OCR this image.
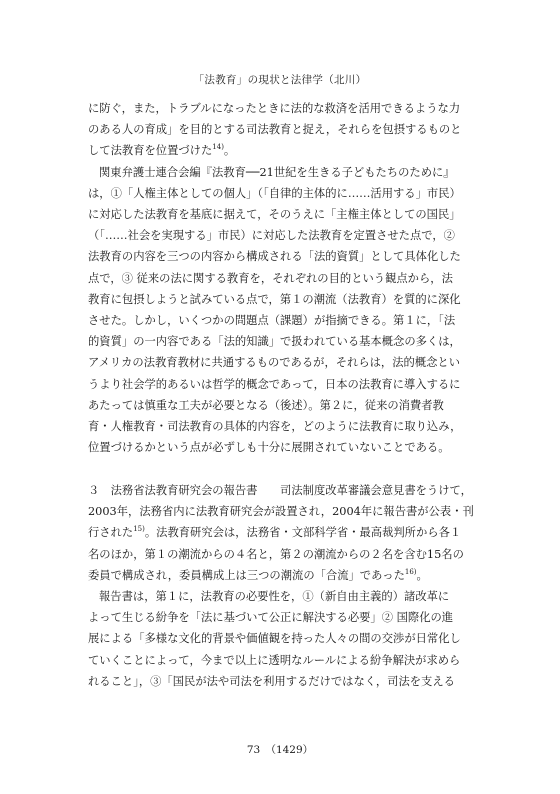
「法教育」の現状と法律学（北川）
に防ぐ，また，トラブルになったときに法的な救済を活用できるような力
のある人の育成」を目的とする司法教育と捉え，それらを包摂するものと
して法教育を位置づけた$^{14)}$。
関東弁護士連合会編『法教育──21世紀を生きる子どもたちのために』
は，①「人権主体としての個人」（「自律的主体的に……活用する」市民）
に対応した法教育を基底に据えて，そのうえに「主権主体としての国民」
（「……社会を実現する」市民）に対応した法教育を定置させた点で，②
法教育の内容を三つの内容から構成される「法的資質」として具体化した
点で，③ 従来の法に関する教育を，それぞれの目的という観点から，法
教育に包摂しようと試みている点で，第１の潮流（法教育）を質的に深化
させた。しかし，いくつかの問題点（課題）が指摘できる。第１に，「法
的資質」の一内容である「法的知識」で扱われている基本概念の多くは，
アメリカの法教育教材に共通するものであるが，それらは，法的概念とい
うより社会学的あるいは哲学的概念であって，日本の法教育に導入するに
あたっては慎重な工夫が必要となる（後述）。第２に，従来の消費者教
育・人権教育・司法教育の具体的内容を，どのように法教育に取り込み，
位置づけるかという点が必ずしも十分に展開されていないことである。
３　法務省法教育研究会の報告書　　司法制度改革審議会意見書をうけて，
2003年，法務省内に法教育研究会が設置され，2004年に報告書が公表・刊
行された$^{15)}$。法教育研究会は，法務省・文部科学省・最高裁判所から各１
名のほか，第１の潮流からの４名と，第２の潮流からの２名を含む15名の
委員で構成され，委員構成上は三つの潮流の「合流」であった$^{16)}$。
報告書は，第１に，法教育の必要性を，①（新自由主義的）諸改革に
よって生じる紛争を「法に基づいて公正に解決する必要」② 国際化の進
展による「多様な文化的背景や価値観を持った人々の間の交渉が日常化し
ていくことによって，今まで以上に透明なルールによる紛争解決が求めら
れること」，③「国民が法や司法を利用するだけではなく，司法を支える
73　（1429）
